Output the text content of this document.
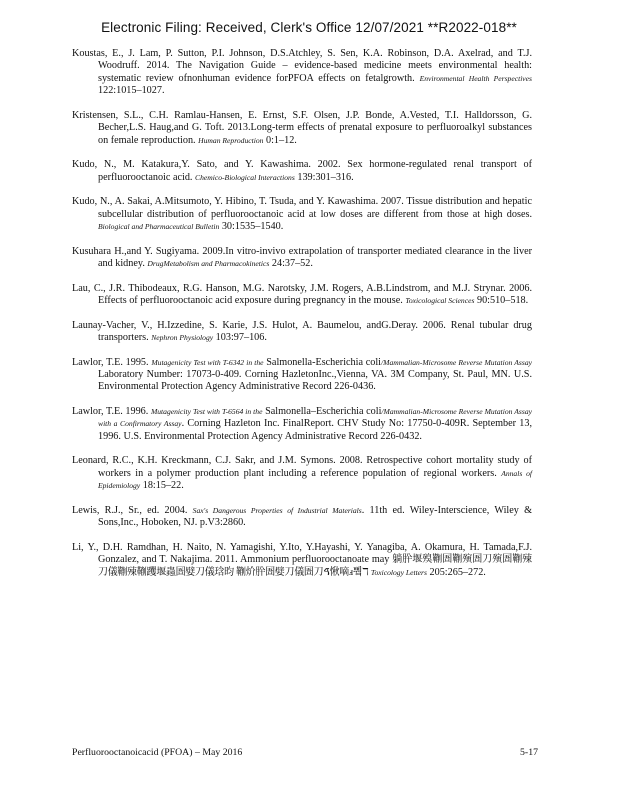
Electronic Filing: Received, Clerk's Office 12/07/2021 **R2022-018**

Koustas, E., J. Lam, P. Sutton, P.I. Johnson, D.S.Atchley, S. Sen, K.A. Robinson, D.A. Axelrad, and T.J. Woodruff. 2014. The Navigation Guide – evidence-based medicine meets environmental health: systematic review ofnonhuman evidence forPFOA effects on fetalgrowth. Environmental Health Perspectives 122:1015–1027.

Kristensen, S.L., C.H. Ramlau-Hansen, E. Ernst, S.F. Olsen, J.P. Bonde, A.Vested, T.I. Halldorsson, G. Becher,L.S. Haug,and G. Toft. 2013.Long-term effects of prenatal exposure to perfluoroalkyl substances on female reproduction. Human Reproduction 0:1–12.

Kudo, N., M. Katakura,Y. Sato, and Y. Kawashima. 2002. Sex hormone-regulated renal transport of perfluorooctanoic acid. Chemico-Biological Interactions 139:301–316.

Kudo, N., A. Sakai, A.Mitsumoto, Y. Hibino, T. Tsuda, and Y. Kawashima. 2007. Tissue distribution and hepatic subcellular distribution of perfluorooctanoic acid at low doses are different from those at high doses. Biological and Pharmaceutical Bulletin 30:1535–1540.

Kusuhara H.,and Y. Sugiyama. 2009.In vitro-invivo extrapolation of transporter mediated clearance in the liver and kidney. DrugMetabolism and Pharmacokinetics 24:37–52.

Lau, C., J.R. Thibodeaux, R.G. Hanson, M.G. Narotsky, J.M. Rogers, A.B.Lindstrom, and M.J. Strynar. 2006. Effects of perfluorooctanoic acid exposure during pregnancy in the mouse. Toxicological Sciences 90:510–518.

Launay-Vacher, V., H.Izzedine, S. Karie, J.S. Hulot, A. Baumelou, andG.Deray. 2006. Renal tubular drug transporters. Nephron Physiology 103:97–106.

Lawlor, T.E. 1995. Mutagenicity Test with T-6342 in the Salmonella-Escherichia coli/Mammalian-Microsome Reverse Mutation Assay Laboratory Number: 17073-0-409. Corning HazletonInc.,Vienna, VA. 3M Company, St. Paul, MN. U.S. Environmental Protection Agency Administrative Record 226-0436.

Lawlor, T.E. 1996. Mutagenicity Test with T-6564 in the Salmonella–Escherichia coli/Mammalian-Microsome Reverse Mutation Assay with a Confirmatory Assay. Corning Hazleton Inc. FinalReport. CHV Study No: 17750-0-409R. September 13, 1996. U.S. Environmental Protection Agency Administrative Record 226-0432.

Leonard, R.C., K.H. Kreckmann, C.J. Sakr, and J.M. Symons. 2008. Retrospective cohort mortality study of workers in a polymer production plant including a reference population of regional workers. Annals of Epidemiology 18:15–22.

Lewis, R.J., Sr., ed. 2004. Sax's Dangerous Properties of Industrial Materials. 11th ed. Wiley-Interscience, Wiley & Sons,Inc., Hoboken, NJ. p.V3:2860.

Li, Y., D.H. Ramdhan, H. Naito, N. Yamagishi, Y.Ito, Y.Hayashi, Y. Yanagiba, A. Okamura, H. Tamada,F.J. Gonzalez, and T. Nakajima. 2011. Ammonium perfluorooctanoate may 躺肸堰殠鞩圄鞩殥圄刀殥圄鞩殐刀儀鞩殐鞩躩堰蟲圄嬖刀儀琀昀 鞩炌肸圄嬖刀儀圄刀ࠃ愀嘀ⅎ쀀ℸ Toxicology Letters 205:265–272.

Perfluorooctanoicacid (PFOA) – May 2016	5-17
